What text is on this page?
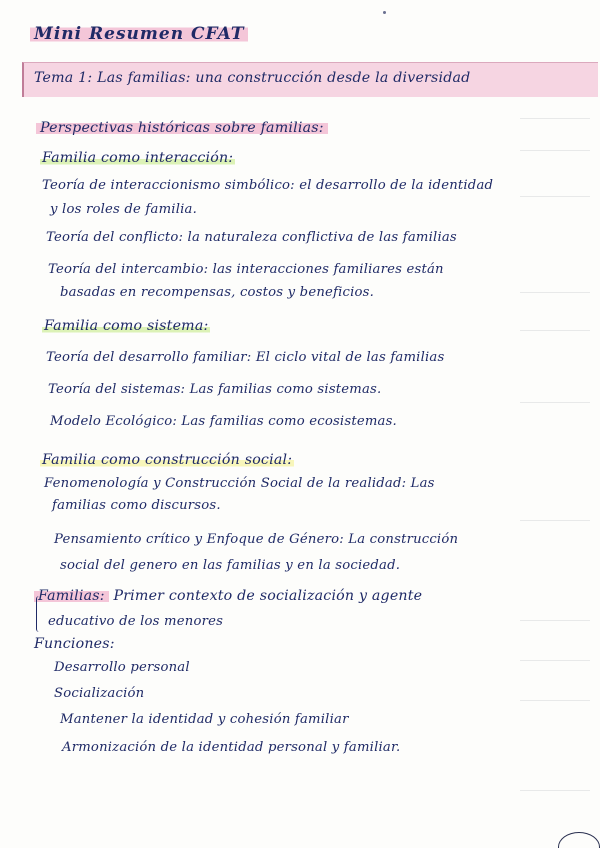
Mini Resumen CFAT
Tema 1: Las familias: una construcción desde la diversidad
Perspectivas históricas sobre familias:
Familia como interacción:
Teoría de interaccionismo simbólico: el desarrollo de la identidad
y los roles de familia.
Teoría del conflicto: la naturaleza conflictiva de las familias
Teoría del intercambio: las interacciones familiares están
basadas en recompensas, costos y beneficios.
Familia como sistema:
Teoría del desarrollo familiar: El ciclo vital de las familias
Teoría del sistemas: Las familias como sistemas.
Modelo Ecológico: Las familias como ecosistemas.
Familia como construcción social:
Fenomenología y Construcción Social de la realidad: Las
familias como discursos.
Pensamiento crítico y Enfoque de Género: La construcción
social del genero en las familias y en la sociedad.
Familias: Primer contexto de socialización y agente
educativo de los menores
Funciones:
Desarrollo personal
Socialización
Mantener la identidad y cohesión familiar
Armonización de la identidad personal y familiar.
